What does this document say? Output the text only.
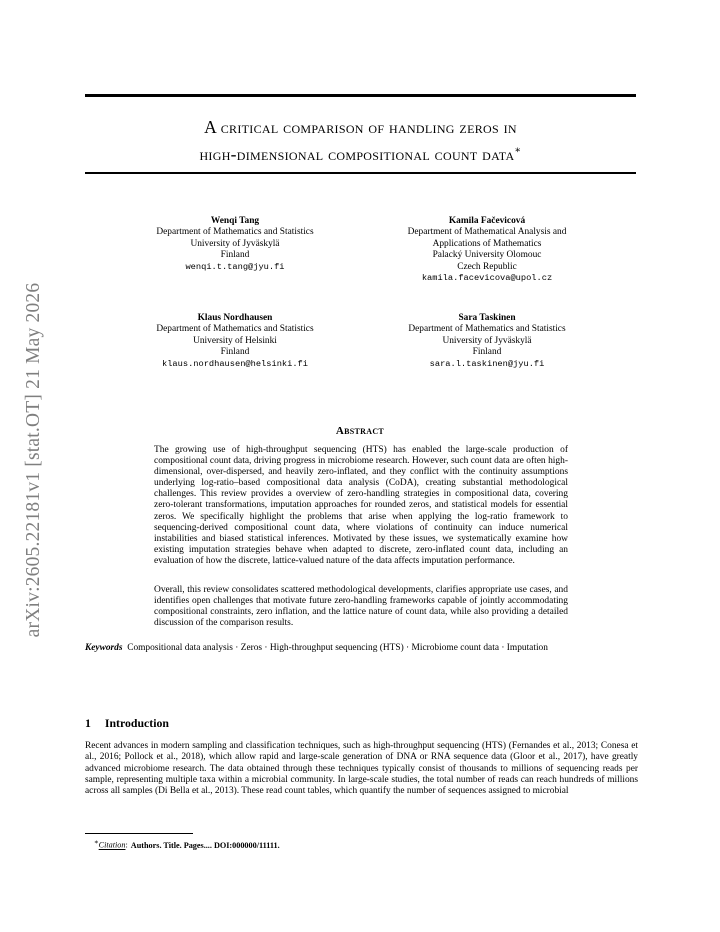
arXiv:2605.22181v1 [stat.OT] 21 May 2026
A critical comparison of handling zeros in
high-dimensional compositional count data∗
Wenqi Tang
Department of Mathematics and Statistics
University of Jyväskylä
Finland
wenqi.t.tang@jyu.fi
Kamila Fačevicová
Department of Mathematical Analysis and
Applications of Mathematics
Palacký University Olomouc
Czech Republic
kamila.facevicova@upol.cz
Klaus Nordhausen
Department of Mathematics and Statistics
University of Helsinki
Finland
klaus.nordhausen@helsinki.fi
Sara Taskinen
Department of Mathematics and Statistics
University of Jyväskylä
Finland
sara.l.taskinen@jyu.fi
Abstract
The growing use of high-throughput sequencing (HTS) has enabled the large-scale production of compositional count data, driving progress in microbiome research. However, such count data are often high-dimensional, over-dispersed, and heavily zero-inflated, and they conflict with the continuity assumptions underlying log-ratio–based compositional data analysis (CoDA), creating substantial methodological challenges. This review provides a overview of zero-handling strategies in compositional data, covering zero-tolerant transformations, imputation approaches for rounded zeros, and statistical models for essential zeros. We specifically highlight the problems that arise when applying the log-ratio framework to sequencing-derived compositional count data, where violations of continuity can induce numerical instabilities and biased statistical inferences. Motivated by these issues, we systematically examine how existing imputation strategies behave when adapted to discrete, zero-inflated count data, including an evaluation of how the discrete, lattice-valued nature of the data affects imputation performance.
Overall, this review consolidates scattered methodological developments, clarifies appropriate use cases, and identifies open challenges that motivate future zero-handling frameworks capable of jointly accommodating compositional constraints, zero inflation, and the lattice nature of count data, while also providing a detailed discussion of the comparison results.
Keywords Compositional data analysis · Zeros · High-throughput sequencing (HTS) · Microbiome count data · Imputation
1 Introduction
Recent advances in modern sampling and classification techniques, such as high-throughput sequencing (HTS) (Fernandes et al., 2013; Conesa et al., 2016; Pollock et al., 2018), which allow rapid and large-scale generation of DNA or RNA sequence data (Gloor et al., 2017), have greatly advanced microbiome research. The data obtained through these techniques typically consist of thousands to millions of sequencing reads per sample, representing multiple taxa within a microbial community. In large-scale studies, the total number of reads can reach hundreds of millions across all samples (Di Bella et al., 2013). These read count tables, which quantify the number of sequences assigned to microbial
∗Citation: Authors. Title. Pages.... DOI:000000/11111.
